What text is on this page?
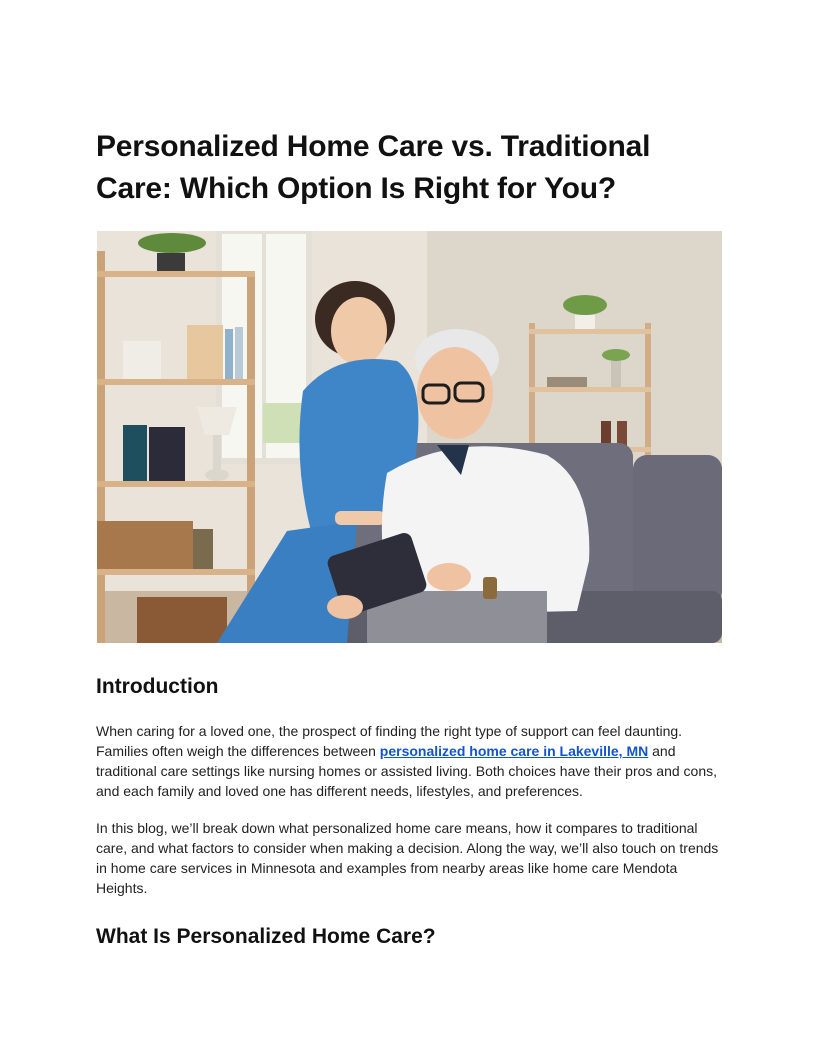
Personalized Home Care vs. Traditional
Care: Which Option Is Right for You?
Introduction

When caring for a loved one, the prospect of finding the right type of support can feel daunting. Families often weigh the differences between personalized home care in Lakeville, MN and traditional care settings like nursing homes or assisted living. Both choices have their pros and cons, and each family and loved one has different needs, lifestyles, and preferences.

In this blog, we’ll break down what personalized home care means, how it compares to traditional care, and what factors to consider when making a decision. Along the way, we’ll also touch on trends in home care services in Minnesota and examples from nearby areas like home care Mendota Heights.

What Is Personalized Home Care?
